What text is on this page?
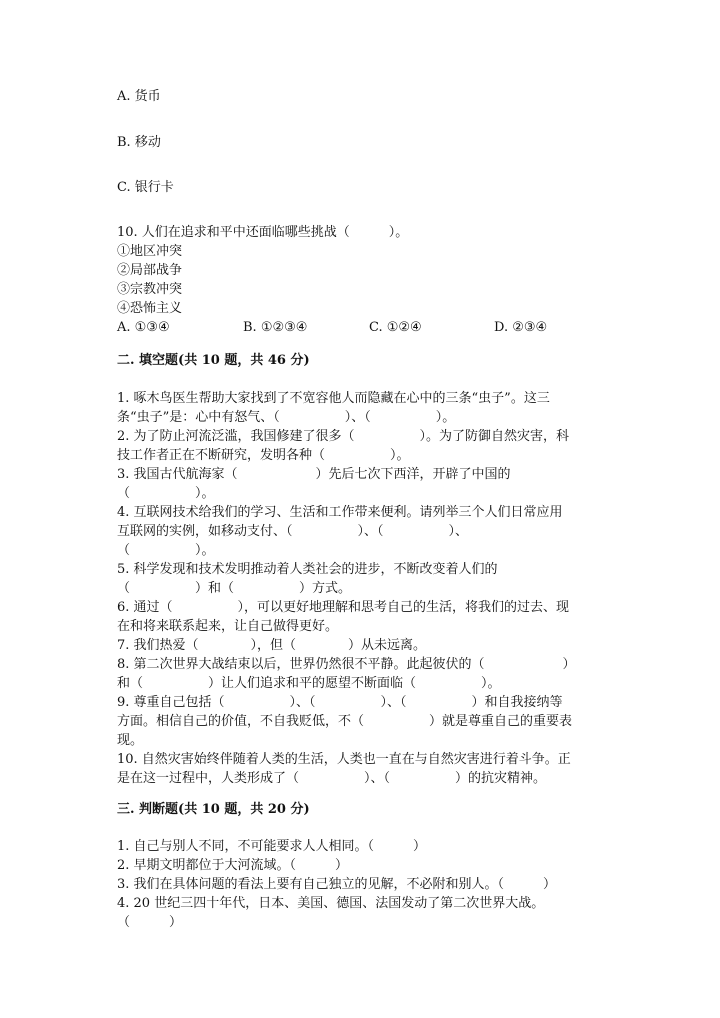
A. 货币
B. 移动
C. 银行卡
10. 人们在追求和平中还面临哪些挑战（　　　）。
①地区冲突
②局部战争
③宗教冲突
④恐怖主义

A. ①③④

	B. ①②③④

	C. ①②④

	D. ②③④

二. 填空题(共 10 题，共 46 分)
1. 啄木鸟医生帮助大家找到了不宽容他人而隐藏在心中的三条“虫子”。这三
条“虫子”是：心中有怒气、（　　　　　）、（　　　　　）。
2. 为了防止河流泛滥，我国修建了很多（　　　　　）。为了防御自然灾害，科
技工作者正在不断研究，发明各种（　　　　　）。
3. 我国古代航海家（　　　　　　）先后七次下西洋，开辟了中国的
（　　　　　）。
4. 互联网技术给我们的学习、生活和工作带来便利。请列举三个人们日常应用
互联网的实例，如移动支付、（　　　　　）、（　　　　　）、
（　　　　　）。
5. 科学发现和技术发明推动着人类社会的进步，不断改变着人们的
（　　　　　）和（　　　　　）方式。
6. 通过（　　　　　），可以更好地理解和思考自己的生活，将我们的过去、现
在和将来联系起来，让自己做得更好。
7. 我们热爱（　　　　），但（　　　　）从未远离。
8. 第二次世界大战结束以后，世界仍然很不平静。此起彼伏的（　　　　　　）
和（　　　　　）让人们追求和平的愿望不断面临（　　　　　）。
9. 尊重自己包括（　　　　　）、（　　　　　）、（　　　　　）和自我接纳等
方面。相信自己的价值，不自我贬低，不（　　　　　）就是尊重自己的重要表
现。
10. 自然灾害始终伴随着人类的生活，人类也一直在与自然灾害进行着斗争。正
是在这一过程中，人类形成了（　　　　　）、（　　　　　）的抗灾精神。
三. 判断题(共 10 题，共 20 分)
1. 自己与别人不同，不可能要求人人相同。（　　　）
2. 早期文明都位于大河流域。（　　　）
3. 我们在具体问题的看法上要有自己独立的见解，不必附和别人。（　　　）
4. 20 世纪三四十年代，日本、美国、德国、法国发动了第二次世界大战。
（　　　）
